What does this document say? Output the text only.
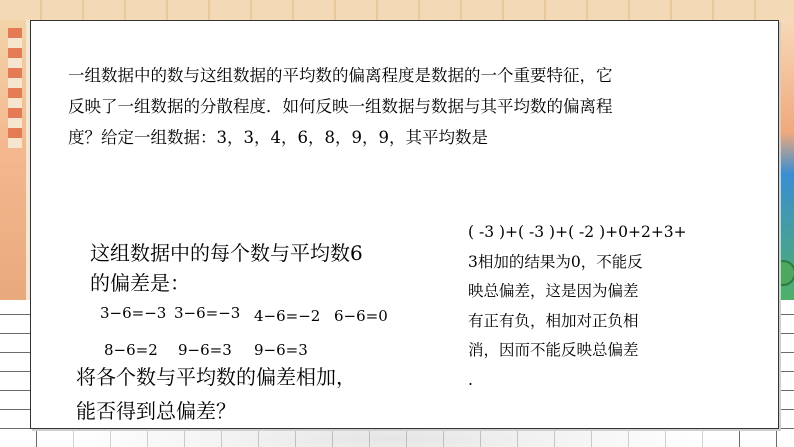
一组数据中的数与这组数据的平均数的偏离程度是数据的一个重要特征，它
反映了一组数据的分散程度．如何反映一组数据与数据与其平均数的偏离程
度？给定一组数据：3，3，4，6，8，9，9，其平均数是
这组数据中的每个数与平均数6
的偏差是：
3−6=−3 3−6=−3 4−6=−2 6−6=0
8−6=2 9−6=3 9−6=3
将各个数与平均数的偏差相加，
能否得到总偏差？
( -3 )+( -3 )+( -2 )+0+2+3+
3相加的结果为0，不能反
映总偏差，这是因为偏差
有正有负，相加对正负相
消，因而不能反映总偏差
.
